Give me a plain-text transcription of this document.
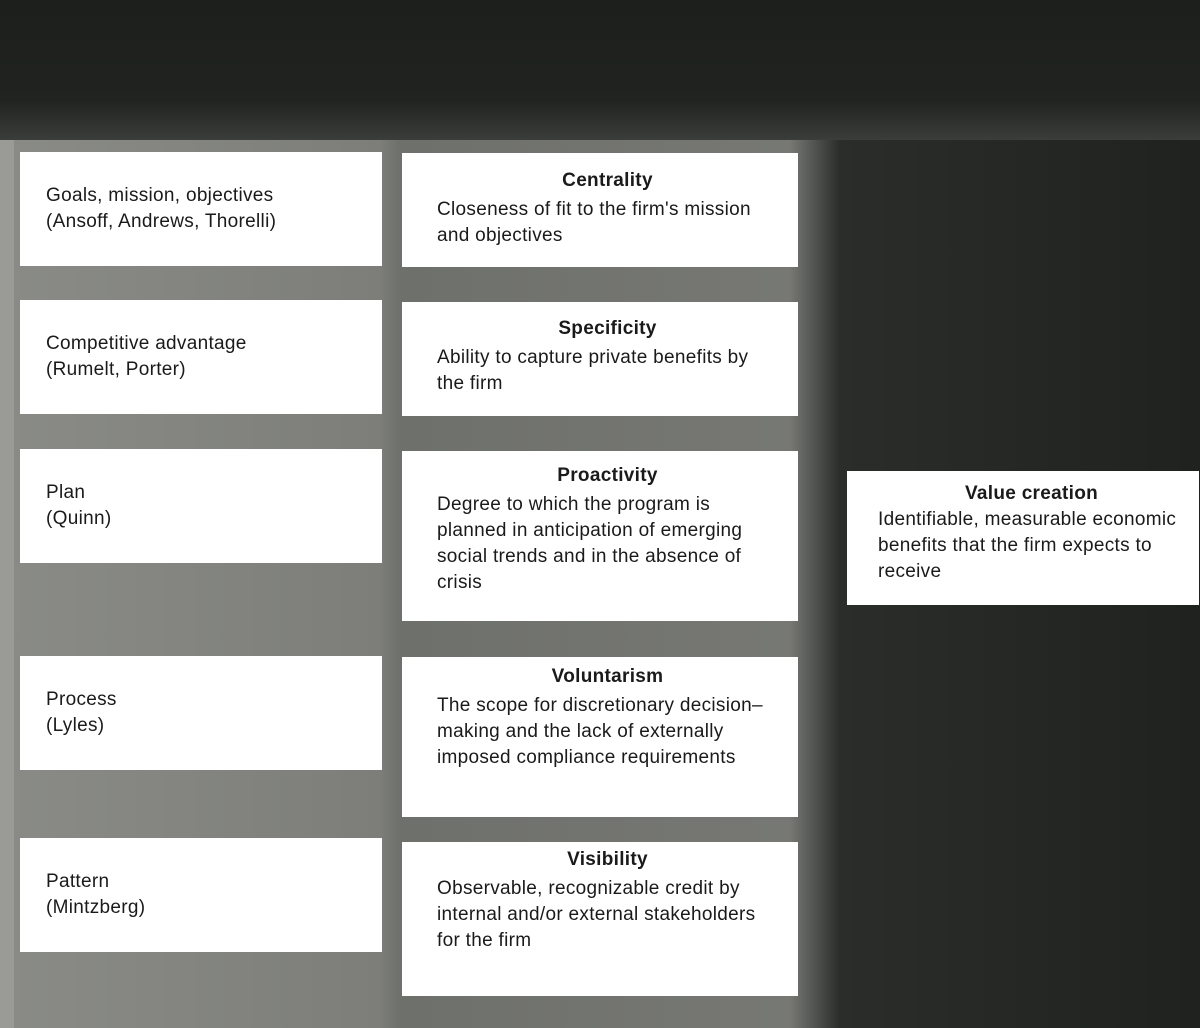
Goals, mission, objectives
(Ansoff, Andrews, Thorelli)
Competitive advantage
(Rumelt, Porter)
Plan
(Quinn)
Process
(Lyles)
Pattern
(Mintzberg)
Centrality
Closeness of fit to the firm's mission and objectives
Specificity
Ability to capture private benefits by the firm
Proactivity
Degree to which the program is planned in anticipation of emerging social trends and in the absence of crisis
Voluntarism
The scope for discretionary decision–making and the lack of externally imposed compliance requirements
Visibility
Observable, recognizable credit by internal and/or external stakeholders for the firm
Value creation
Identifiable, measurable economic benefits that the firm expects to receive
